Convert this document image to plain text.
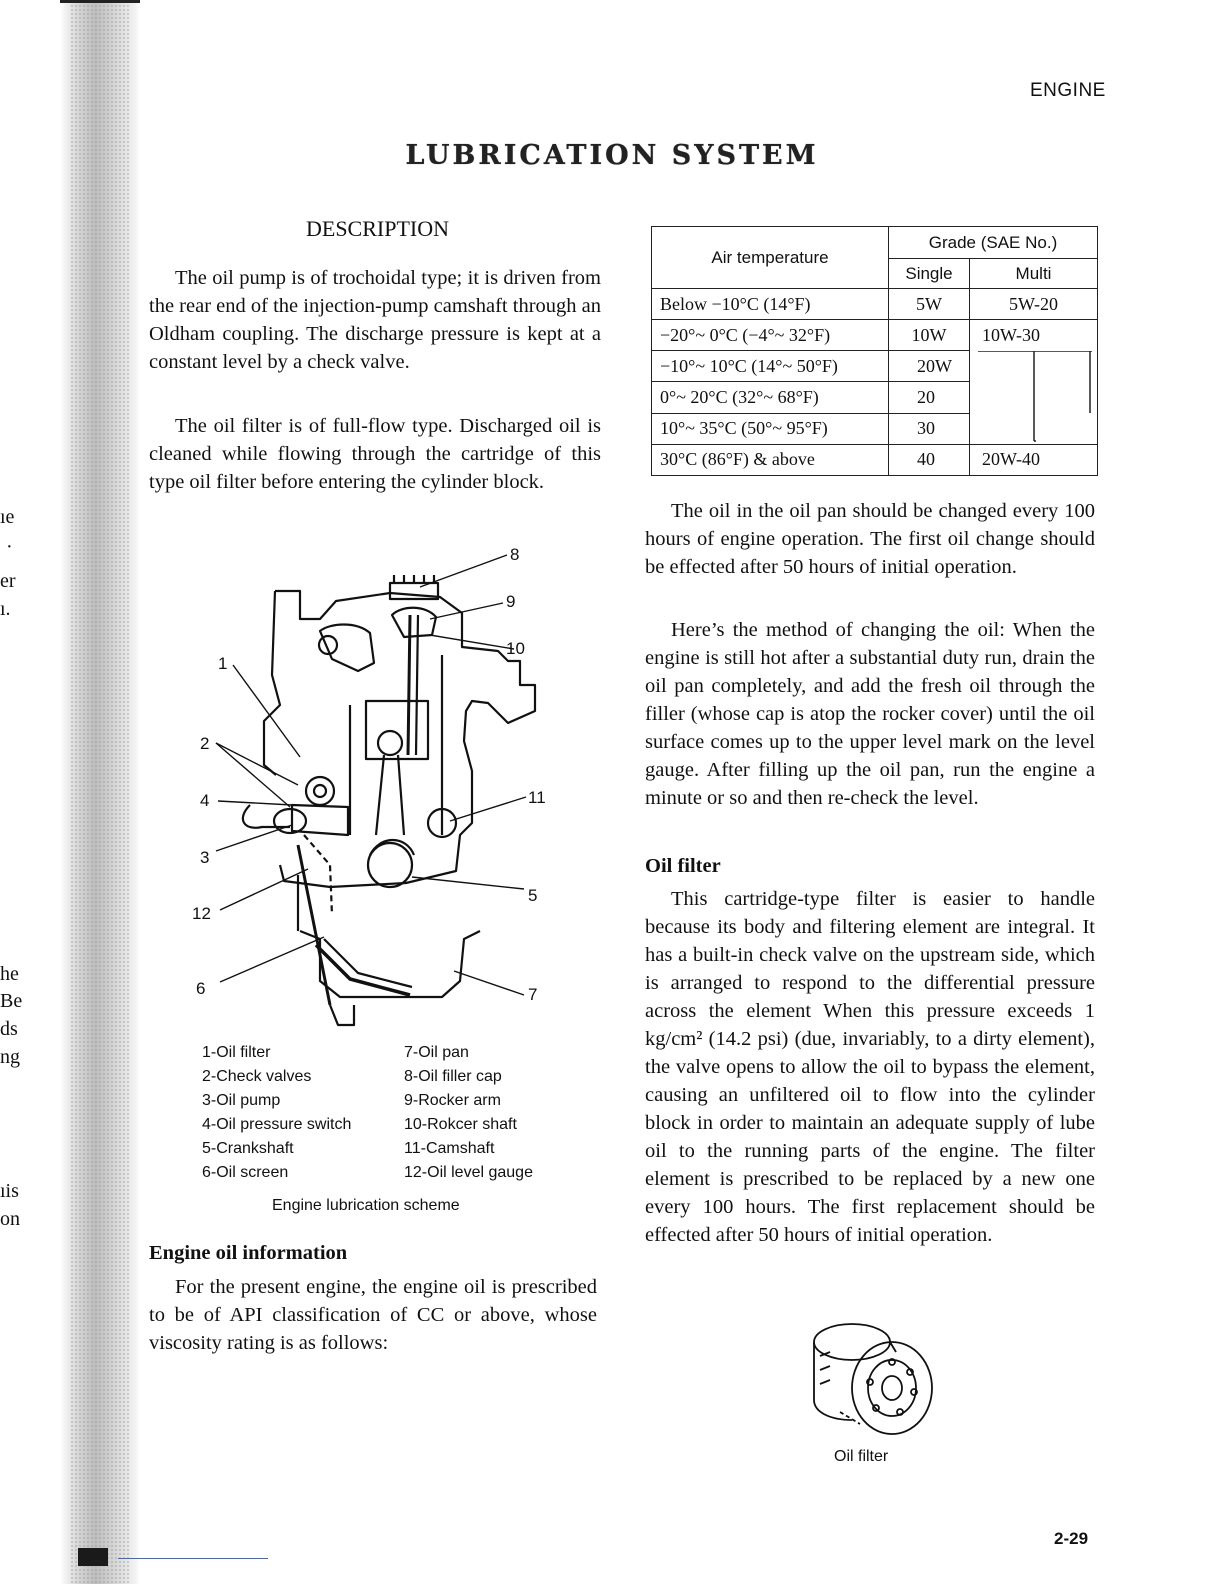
ıe
·
er
ı.
he
Be
ds
ng
ıis
on
ENGINE
LUBRICATION SYSTEM
DESCRIPTION

The oil pump is of trochoidal type; it is driven from the rear end of the injection-pump camshaft through an Oldham coupling. The discharge pressure is kept at a constant level by a check valve.

The oil filter is of full-flow type. Discharged oil is cleaned while flowing through the cartridge of this type oil filter before entering the cylinder block.

1
2
3
4
5
6	7
8
9
10
11
12
1-Oil filter
2-Check valves
3-Oil pump
4-Oil pressure switch
5-Crankshaft
6-Oil screen
7-Oil pan
8-Oil filler cap
9-Rocker arm
10-Rokcer shaft
11-Camshaft
12-Oil level gauge
Engine lubrication scheme
Engine oil information

For the present engine, the engine oil is prescribed to be of API classification of CC or above, whose viscosity rating is as follows:

Air temperature	Grade (SAE No.)	
	Single	Multi
Below −10°C (14°F)	5W	5W-20
−20°~ 0°C (−4°~ 32°F)	10W	10W-30
−10°~ 10°C (14°~ 50°F)	20W	

0°~ 20°C (32°~ 68°F)	20	
10°~ 35°C (50°~ 95°F)	30	
30°C (86°F) & above	40	20W-40

The oil in the oil pan should be changed every 100 hours of engine operation. The first oil change should be effected after 50 hours of initial operation.

Here’s the method of changing the oil: When the engine is still hot after a substantial duty run, drain the oil pan completely, and add the fresh oil through the filler (whose cap is atop the rocker cover) until the oil surface comes up to the upper level mark on the level gauge. After filling up the oil pan, run the engine a minute or so and then re-check the level.

Oil filter

This cartridge-type filter is easier to handle because its body and filtering element are integral. It has a built-in check valve on the upstream side, which is arranged to respond to the differential pressure across the element When this pressure exceeds 1 kg/cm² (14.2 psi) (due, invariably, to a dirty element), the valve opens to allow the oil to bypass the element, causing an unfiltered oil to flow into the cylinder block in order to maintain an adequate supply of lube oil to the running parts of the engine. The filter element is prescribed to be replaced by a new one every 100 hours. The first replacement should be effected after 50 hours of initial operation.

Oil filter
2-29
